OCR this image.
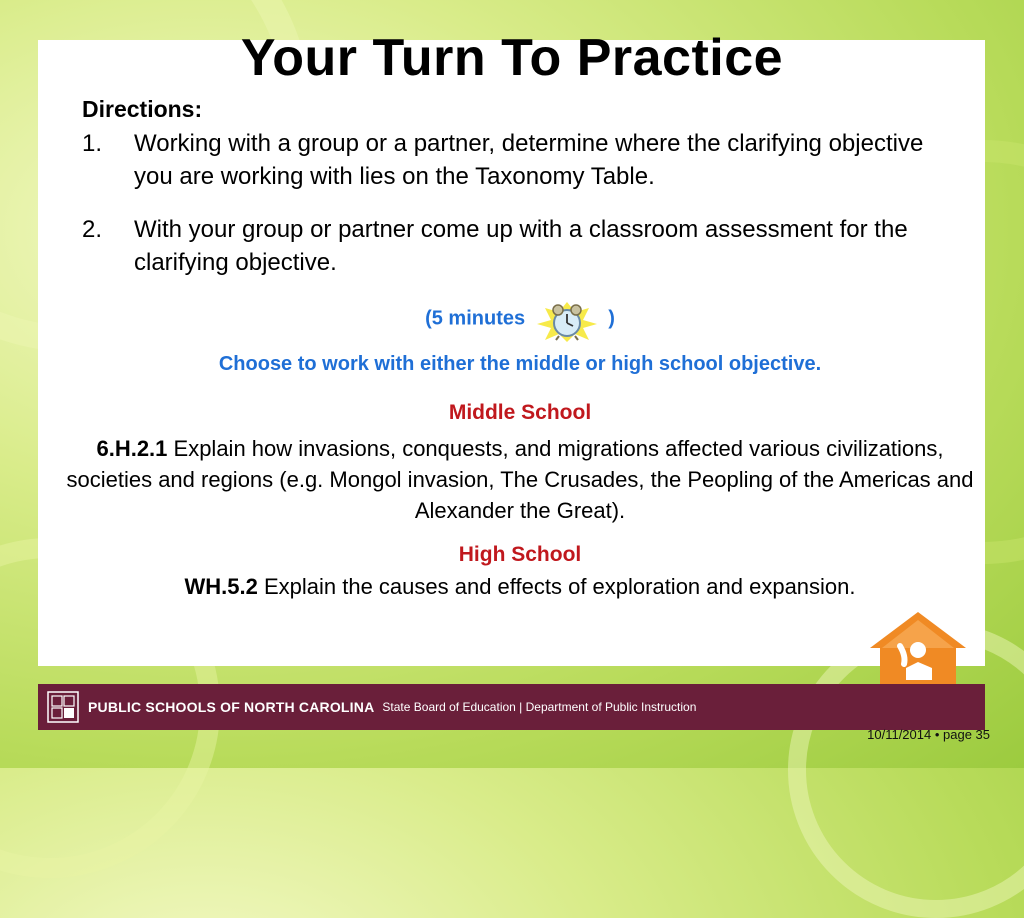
Your Turn To Practice
Directions:
1.	Working with a group or a partner, determine where the clarifying objective you are working with lies on the Taxonomy Table.
2.	With your group or partner come up with a classroom assessment for the clarifying objective.
(5 minutes	)
Choose to work with either the middle or high school objective.
Middle School
6.H.2.1 Explain how invasions, conquests, and migrations affected various civilizations, societies and regions (e.g. Mongol invasion, The Crusades, the Peopling of the Americas and Alexander the Great).
High School
WH.5.2 Explain the causes and effects of exploration and expansion.
PUBLIC SCHOOLS OF NORTH CAROLINA State Board of Education | Department of Public Instruction
10/11/2014 • page 35
